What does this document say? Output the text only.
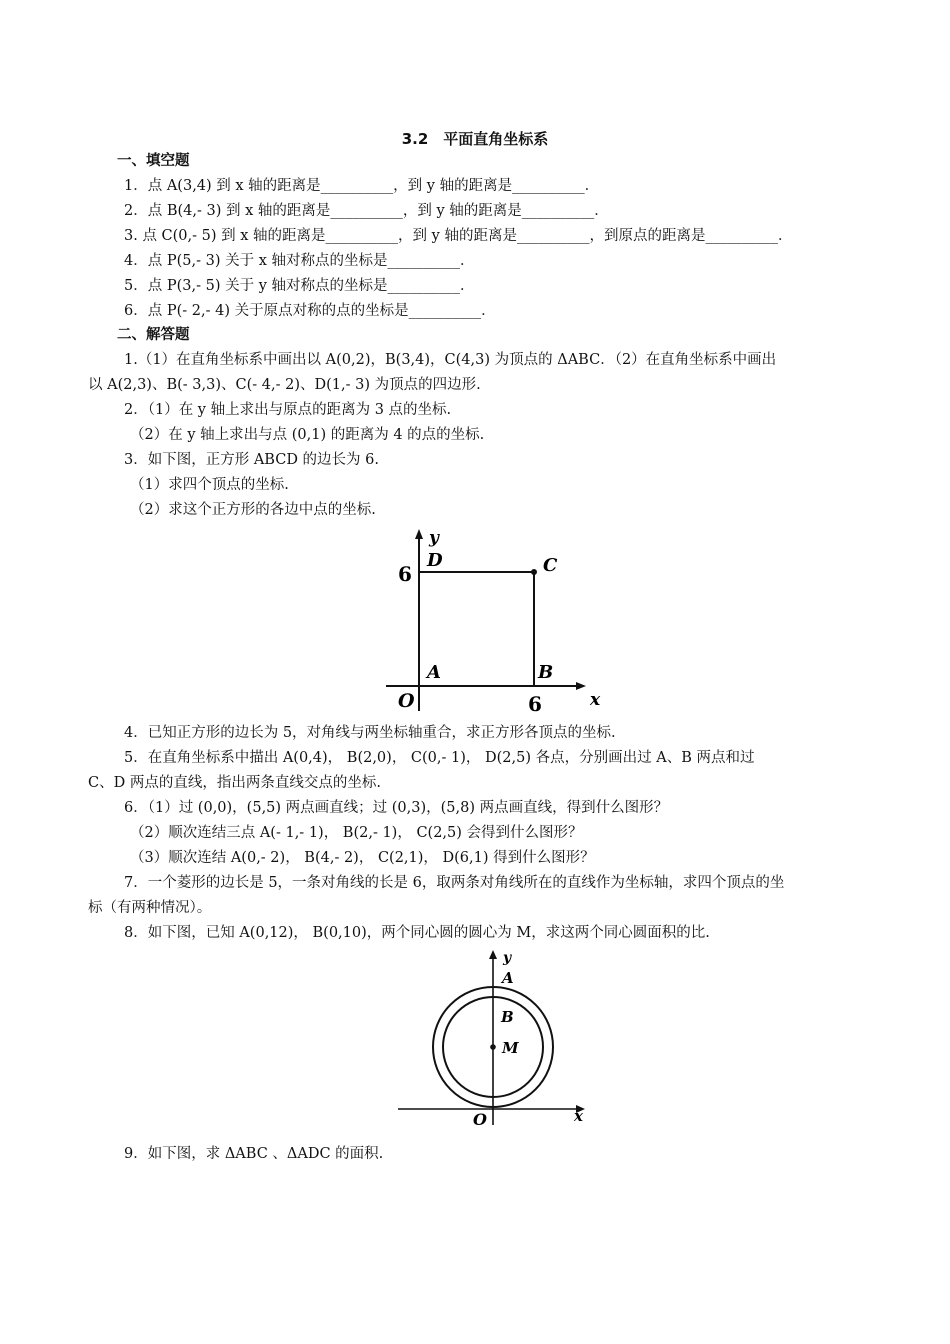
3.2　平面直角坐标系
一、填空题
1．点 A(3,4) 到 x 轴的距离是__________，到 y 轴的距离是__________．
2．点 B(4,- 3) 到 x 轴的距离是__________，到 y 轴的距离是__________．
3. 点 C(0,- 5) 到 x 轴的距离是__________，到 y 轴的距离是__________，到原点的距离是__________．
4．点 P(5,- 3) 关于 x 轴对称点的坐标是__________．
5．点 P(3,- 5) 关于 y 轴对称点的坐标是__________．
6．点 P(- 2,- 4) 关于原点对称的点的坐标是__________．
二、解答题
1.（1）在直角坐标系中画出以 A(0,2)，B(3,4)，C(4,3) 为顶点的 ΔABC．（2）在直角坐标系中画出
以 A(2,3)、B(- 3,3)、C(- 4,- 2)、D(1,- 3) 为顶点的四边形.
2．（1）在 y 轴上求出与原点的距离为 3 点的坐标.
（2）在 y 轴上求出与点 (0,1) 的距离为 4 的点的坐标.
3．如下图，正方形 ABCD 的边长为 6.
（1）求四个顶点的坐标.
（2）求这个正方形的各边中点的坐标.
y
x
D	C
A	B
O
6
6
4．已知正方形的边长为 5，对角线与两坐标轴重合，求正方形各顶点的坐标.
5．在直角坐标系中描出 A(0,4)， B(2,0)， C(0,- 1)， D(2,5) 各点，分别画出过 A、B 两点和过
C、D 两点的直线，指出两条直线交点的坐标.
6．（1）过 (0,0)，(5,5) 两点画直线；过 (0,3)，(5,8) 两点画直线，得到什么图形？
（2）顺次连结三点 A(- 1,- 1)， B(2,- 1)， C(2,5) 会得到什么图形？
（3）顺次连结 A(0,- 2)， B(4,- 2)， C(2,1)， D(6,1) 得到什么图形？
7．一个菱形的边长是 5，一条对角线的长是 6，取两条对角线所在的直线作为坐标轴，求四个顶点的坐
标（有两种情况）。
8．如下图，已知 A(0,12)， B(0,10)，两个同心圆的圆心为 M，求这两个同心圆面积的比.
y
x
A
B
M
O
9．如下图，求 ΔABC 、ΔADC 的面积.
